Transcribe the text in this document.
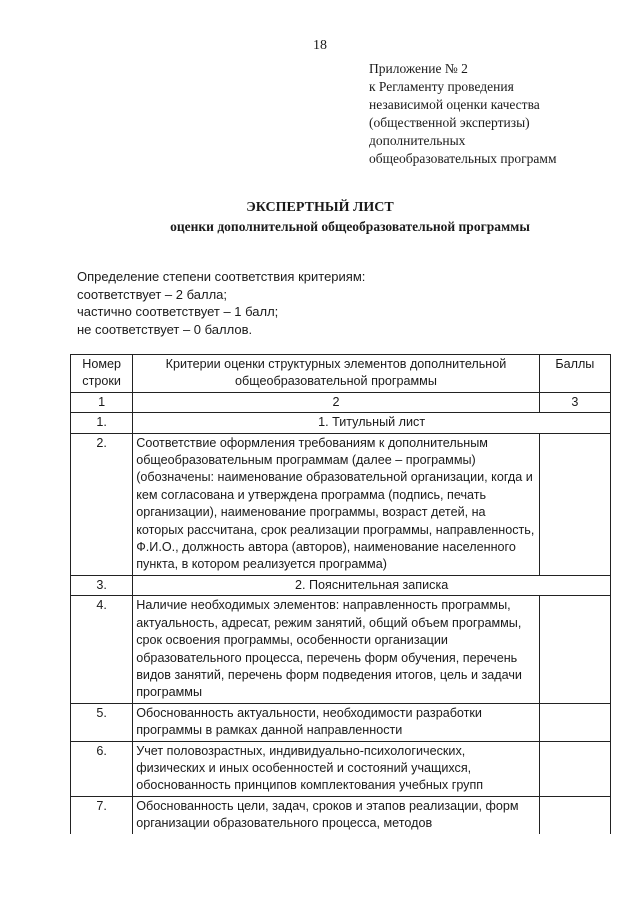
18
Приложение № 2
к Регламенту проведения
независимой оценки качества
(общественной экспертизы)
дополнительных
общеобразовательных программ
ЭКСПЕРТНЫЙ ЛИСТ
оценки дополнительной общеобразовательной программы
Определение степени соответствия критериям:
соответствует – 2 балла;
частично соответствует – 1 балл;
не соответствует – 0 баллов.
Номер строки	Критерии оценки структурных элементов дополнительной общеобразовательной программы	Баллы
1	2	3
1.	1. Титульный лист	
2.	Соответствие оформления требованиям к дополнительным общеобразовательным программам (далее – программы) (обозначены: наименование образовательной организации, когда и кем согласована и утверждена программа (подпись, печать организации), наименование программы, возраст детей, на которых рассчитана, срок реализации программы, направленность, Ф.И.О., должность автора (авторов), наименование населенного пункта, в котором реализуется программа)	
3.	2. Пояснительная записка	
4.	Наличие необходимых элементов: направленность программы, актуальность, адресат, режим занятий, общий объем программы, срок освоения программы, особенности организации образовательного процесса, перечень форм обучения, перечень видов занятий, перечень форм подведения итогов, цель и задачи программы	
5.	Обоснованность актуальности, необходимости разработки программы в рамках данной направленности	
6.	Учет половозрастных, индивидуально-психологических, физических и иных особенностей и состояний учащихся, обоснованность принципов комплектования учебных групп	
7.	Обоснованность цели, задач, сроков и этапов реализации, форм организации образовательного процесса, методов	
